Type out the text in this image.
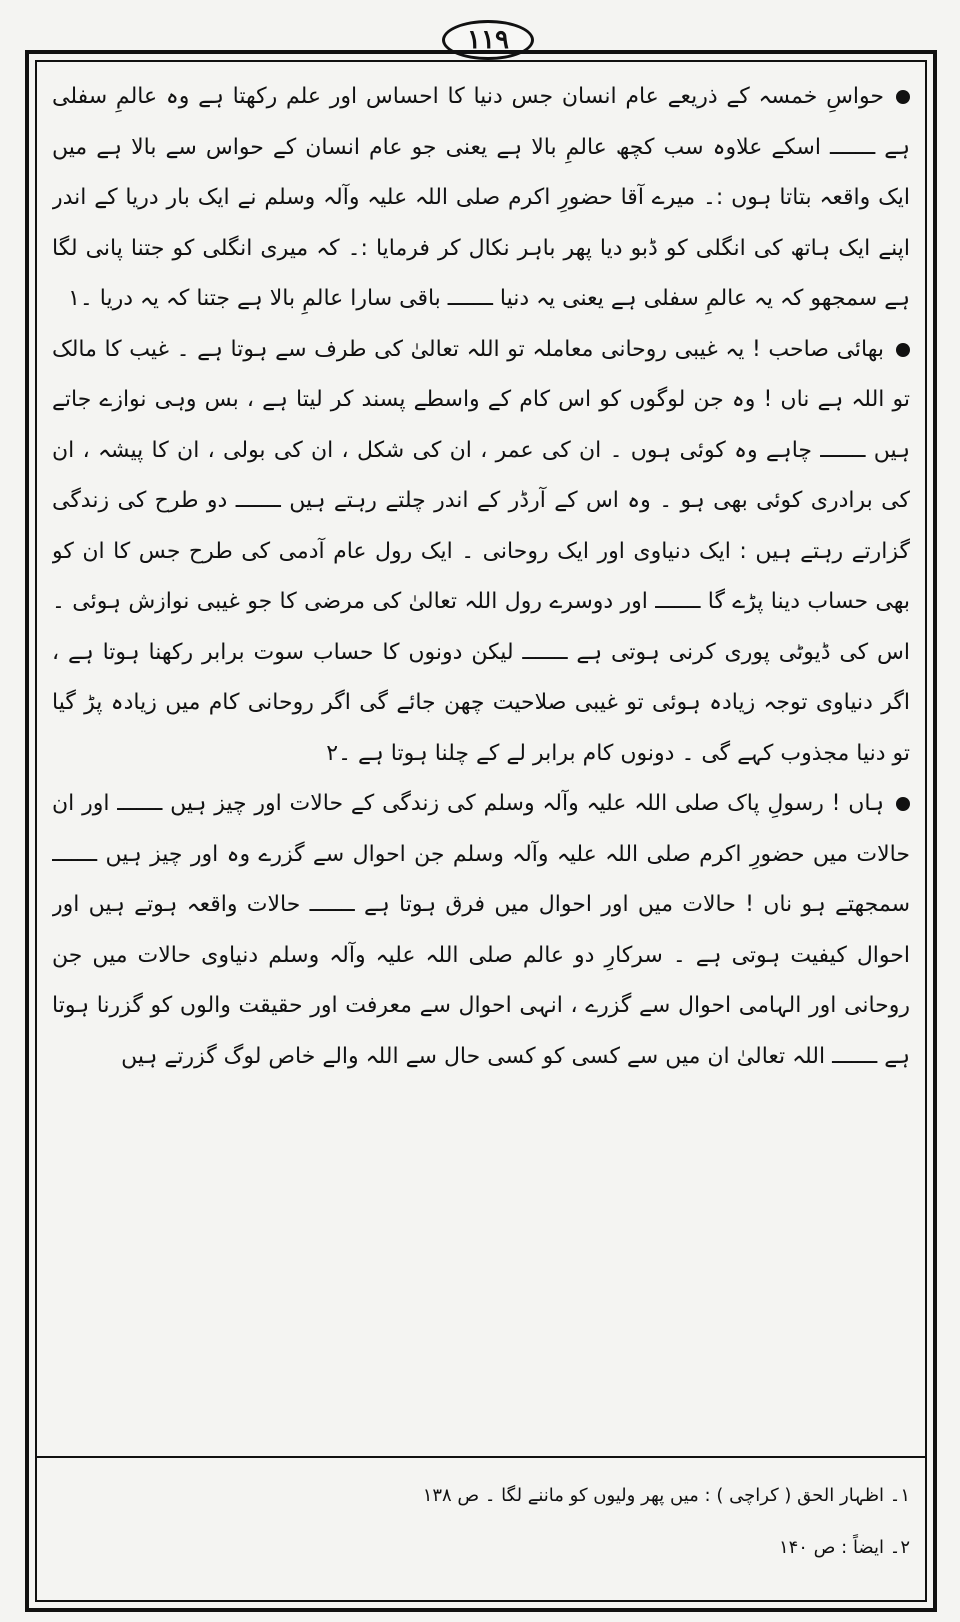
۱۱۹

حواسِ خمسہ کے ذریعے عام انسان جس دنیا کا احساس اور علم رکھتا ہے وہ عالمِ سفلی ہے ـــــــ اسکے علاوہ سب کچھ عالمِ بالا ہے یعنی جو عام انسان کے حواس سے بالا ہے میں ایک واقعہ بتاتا ہوں :۔ میرے آقا حضورِ اکرم صلی اللہ علیہ وآلہ وسلم نے ایک بار دریا کے اندر اپنے ایک ہاتھ کی انگلی کو ڈبو دیا پھر باہر نکال کر فرمایا :۔ کہ میری انگلی کو جتنا پانی لگا ہے سمجھو کہ یہ عالمِ سفلی ہے یعنی یہ دنیا ـــــــ باقی سارا عالمِ بالا ہے جتنا کہ یہ دریا ۔۱

بھائی صاحب ! یہ غیبی روحانی معاملہ تو اللہ تعالیٰ کی طرف سے ہوتا ہے ۔ غیب کا مالک تو اللہ ہے ناں ! وہ جن لوگوں کو اس کام کے واسطے پسند کر لیتا ہے ، بس وہی نوازے جاتے ہیں ـــــــ چاہے وہ کوئی ہوں ۔ ان کی عمر ، ان کی شکل ، ان کی بولی ، ان کا پیشہ ، ان کی برادری کوئی بھی ہو ۔ وہ اس کے آرڈر کے اندر چلتے رہتے ہیں ـــــــ دو طرح کی زندگی گزارتے رہتے ہیں : ایک دنیاوی اور ایک روحانی ۔ ایک رول عام آدمی کی طرح جس کا ان کو بھی حساب دینا پڑے گا ـــــــ اور دوسرے رول اللہ تعالیٰ کی مرضی کا جو غیبی نوازش ہوئی ۔ اس کی ڈیوٹی پوری کرنی ہوتی ہے ـــــــ لیکن دونوں کا حساب سوت برابر رکھنا ہوتا ہے ، اگر دنیاوی توجہ زیادہ ہوئی تو غیبی صلاحیت چھن جائے گی اگر روحانی کام میں زیادہ پڑ گیا تو دنیا مجذوب کہے گی ۔ دونوں کام برابر لے کے چلنا ہوتا ہے ۔۲

ہاں ! رسولِ پاک صلی اللہ علیہ وآلہ وسلم کی زندگی کے حالات اور چیز ہیں ـــــــ اور ان حالات میں حضورِ اکرم صلی اللہ علیہ وآلہ وسلم جن احوال سے گزرے وہ اور چیز ہیں ـــــــ سمجھتے ہو ناں ! حالات میں اور احوال میں فرق ہوتا ہے ـــــــ حالات واقعہ ہوتے ہیں اور احوال کیفیت ہوتی ہے ۔ سرکارِ دو عالم صلی اللہ علیہ وآلہ وسلم دنیاوی حالات میں جن روحانی اور الہامی احوال سے گزرے ، انہی احوال سے معرفت اور حقیقت والوں کو گزرنا ہوتا ہے ـــــــ اللہ تعالیٰ ان میں سے کسی کو کسی حال سے اللہ والے خاص لوگ گزرتے ہیں

۱۔ اظہار الحق ( کراچی ) : میں پھر ولیوں کو ماننے لگا ۔ ص ۱۳۸

۲۔ ایضاً : ص ۱۴۰
